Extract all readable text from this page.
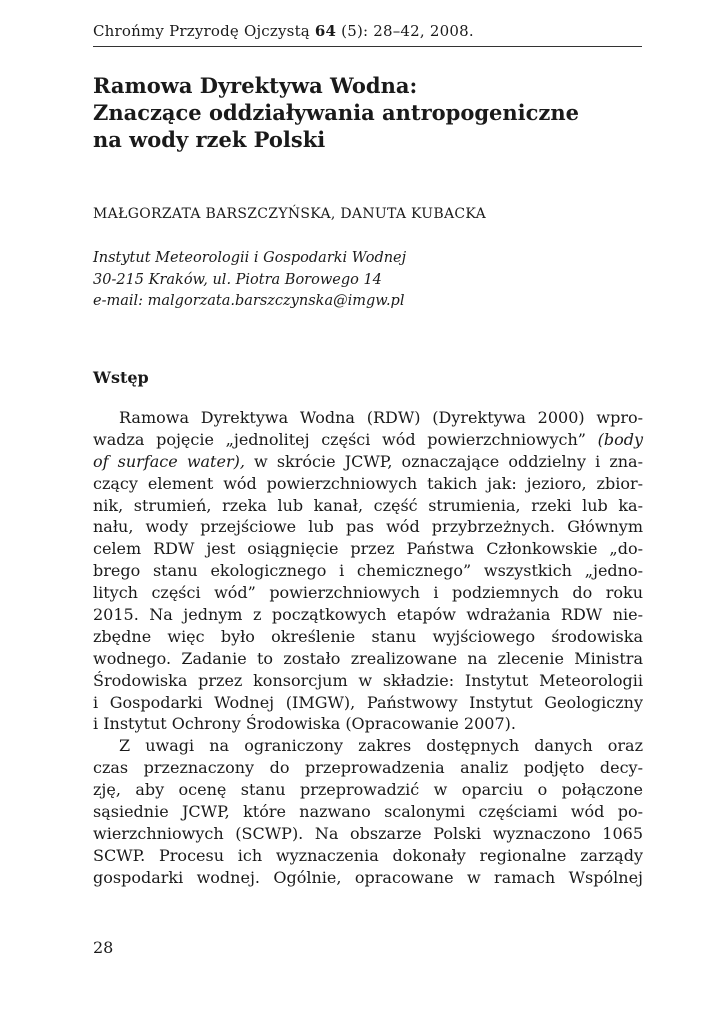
Chrońmy Przyrodę Ojczystą 64 (5): 28–42, 2008.
Ramowa Dyrektywa Wodna:
Znaczące oddziaływania antropogeniczne
na wody rzek Polski
MAŁGORZATA BARSZCZYŃSKA, DANUTA KUBACKA
Instytut Meteorologii i Gospodarki Wodnej
30-215 Kraków, ul. Piotra Borowego 14
e-mail: malgorzata.barszczynska@imgw.pl
Wstęp
Ramowa Dyrektywa Wodna (RDW) (Dyrektywa 2000) wpro-
wadza pojęcie „jednolitej części wód powierzchniowych” (body
of surface water), w skrócie JCWP, oznaczające oddzielny i zna-
czący element wód powierzchniowych takich jak: jezioro, zbior-
nik, strumień, rzeka lub kanał, część strumienia, rzeki lub ka-
nału, wody przejściowe lub pas wód przybrzeżnych. Głównym
celem RDW jest osiągnięcie przez Państwa Członkowskie „do-
brego stanu ekologicznego i chemicznego” wszystkich „jedno-
litych części wód” powierzchniowych i podziemnych do roku
2015. Na jednym z początkowych etapów wdrażania RDW nie-
zbędne więc było określenie stanu wyjściowego środowiska
wodnego. Zadanie to zostało zrealizowane na zlecenie Ministra
Środowiska przez konsorcjum w składzie: Instytut Meteorologii
i Gospodarki Wodnej (IMGW), Państwowy Instytut Geologiczny
i Instytut Ochrony Środowiska (Opracowanie 2007).
Z uwagi na ograniczony zakres dostępnych danych oraz
czas przeznaczony do przeprowadzenia analiz podjęto decy-
zję, aby ocenę stanu przeprowadzić w oparciu o połączone
sąsiednie JCWP, które nazwano scalonymi częściami wód po-
wierzchniowych (SCWP). Na obszarze Polski wyznaczono 1065
SCWP. Procesu ich wyznaczenia dokonały regionalne zarządy
gospodarki wodnej. Ogólnie, opracowane w ramach Wspólnej
28
